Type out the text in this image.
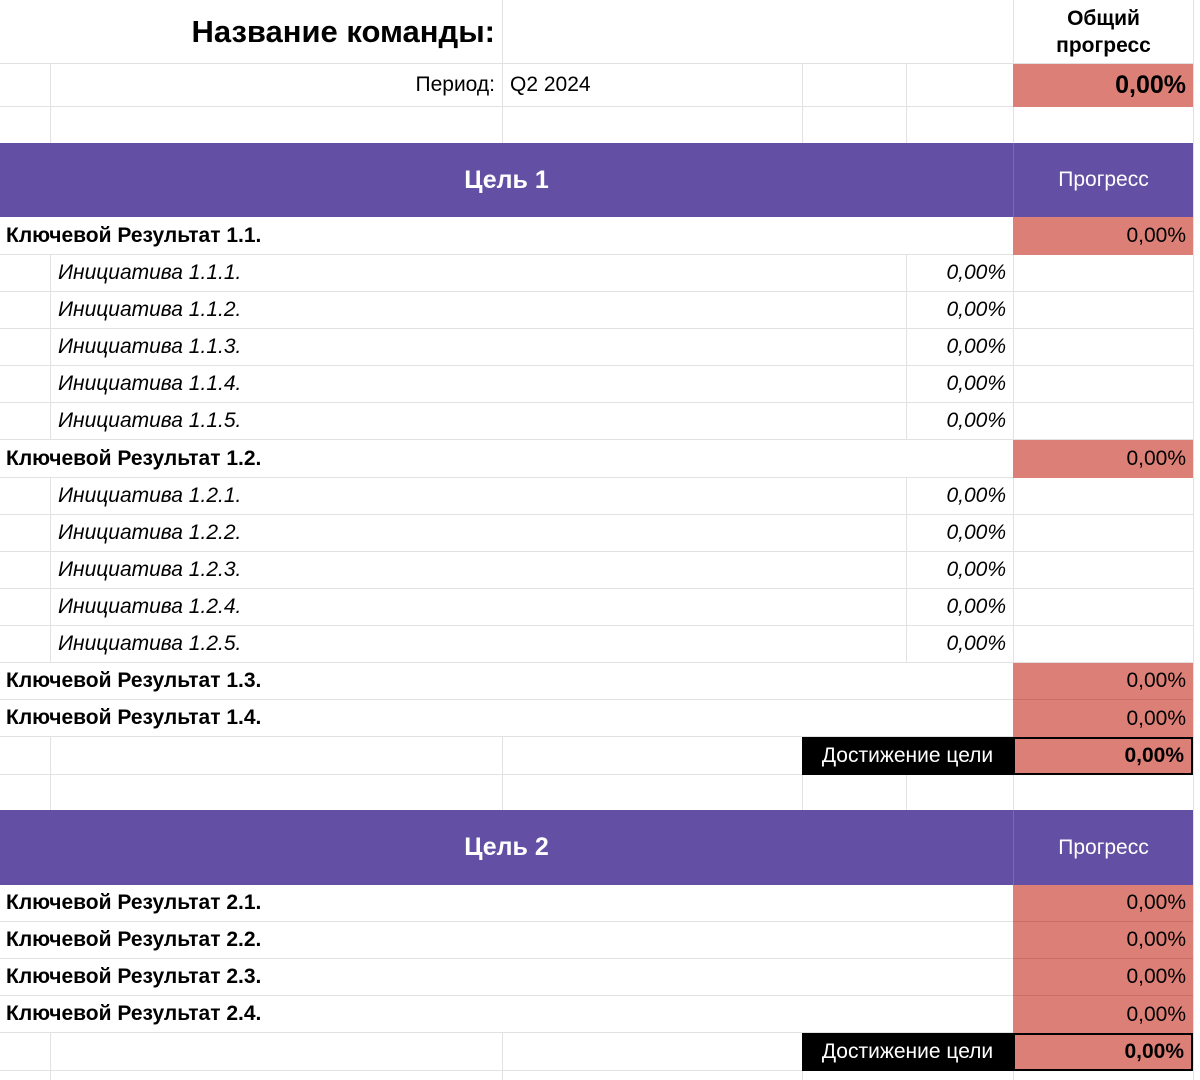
Название команды:	Общий прогресс
Период: Q2 2024	0,00%
Цель 1	Прогресс
Ключевой Результат 1.1.	0,00%
Инициатива 1.1.1.	0,00%
Инициатива 1.1.2.	0,00%
Инициатива 1.1.3.	0,00%
Инициатива 1.1.4.	0,00%
Инициатива 1.1.5.	0,00%
Ключевой Результат 1.2.	0,00%
Инициатива 1.2.1.	0,00%
Инициатива 1.2.2.	0,00%
Инициатива 1.2.3.	0,00%
Инициатива 1.2.4.	0,00%
Инициатива 1.2.5.	0,00%
Ключевой Результат 1.3.	0,00%
Ключевой Результат 1.4.	0,00%
Достижение цели	0,00%
Цель 2	Прогресс
Ключевой Результат 2.1.	0,00%
Ключевой Результат 2.2.	0,00%
Ключевой Результат 2.3.	0,00%
Ключевой Результат 2.4.	0,00%
Достижение цели	0,00%
